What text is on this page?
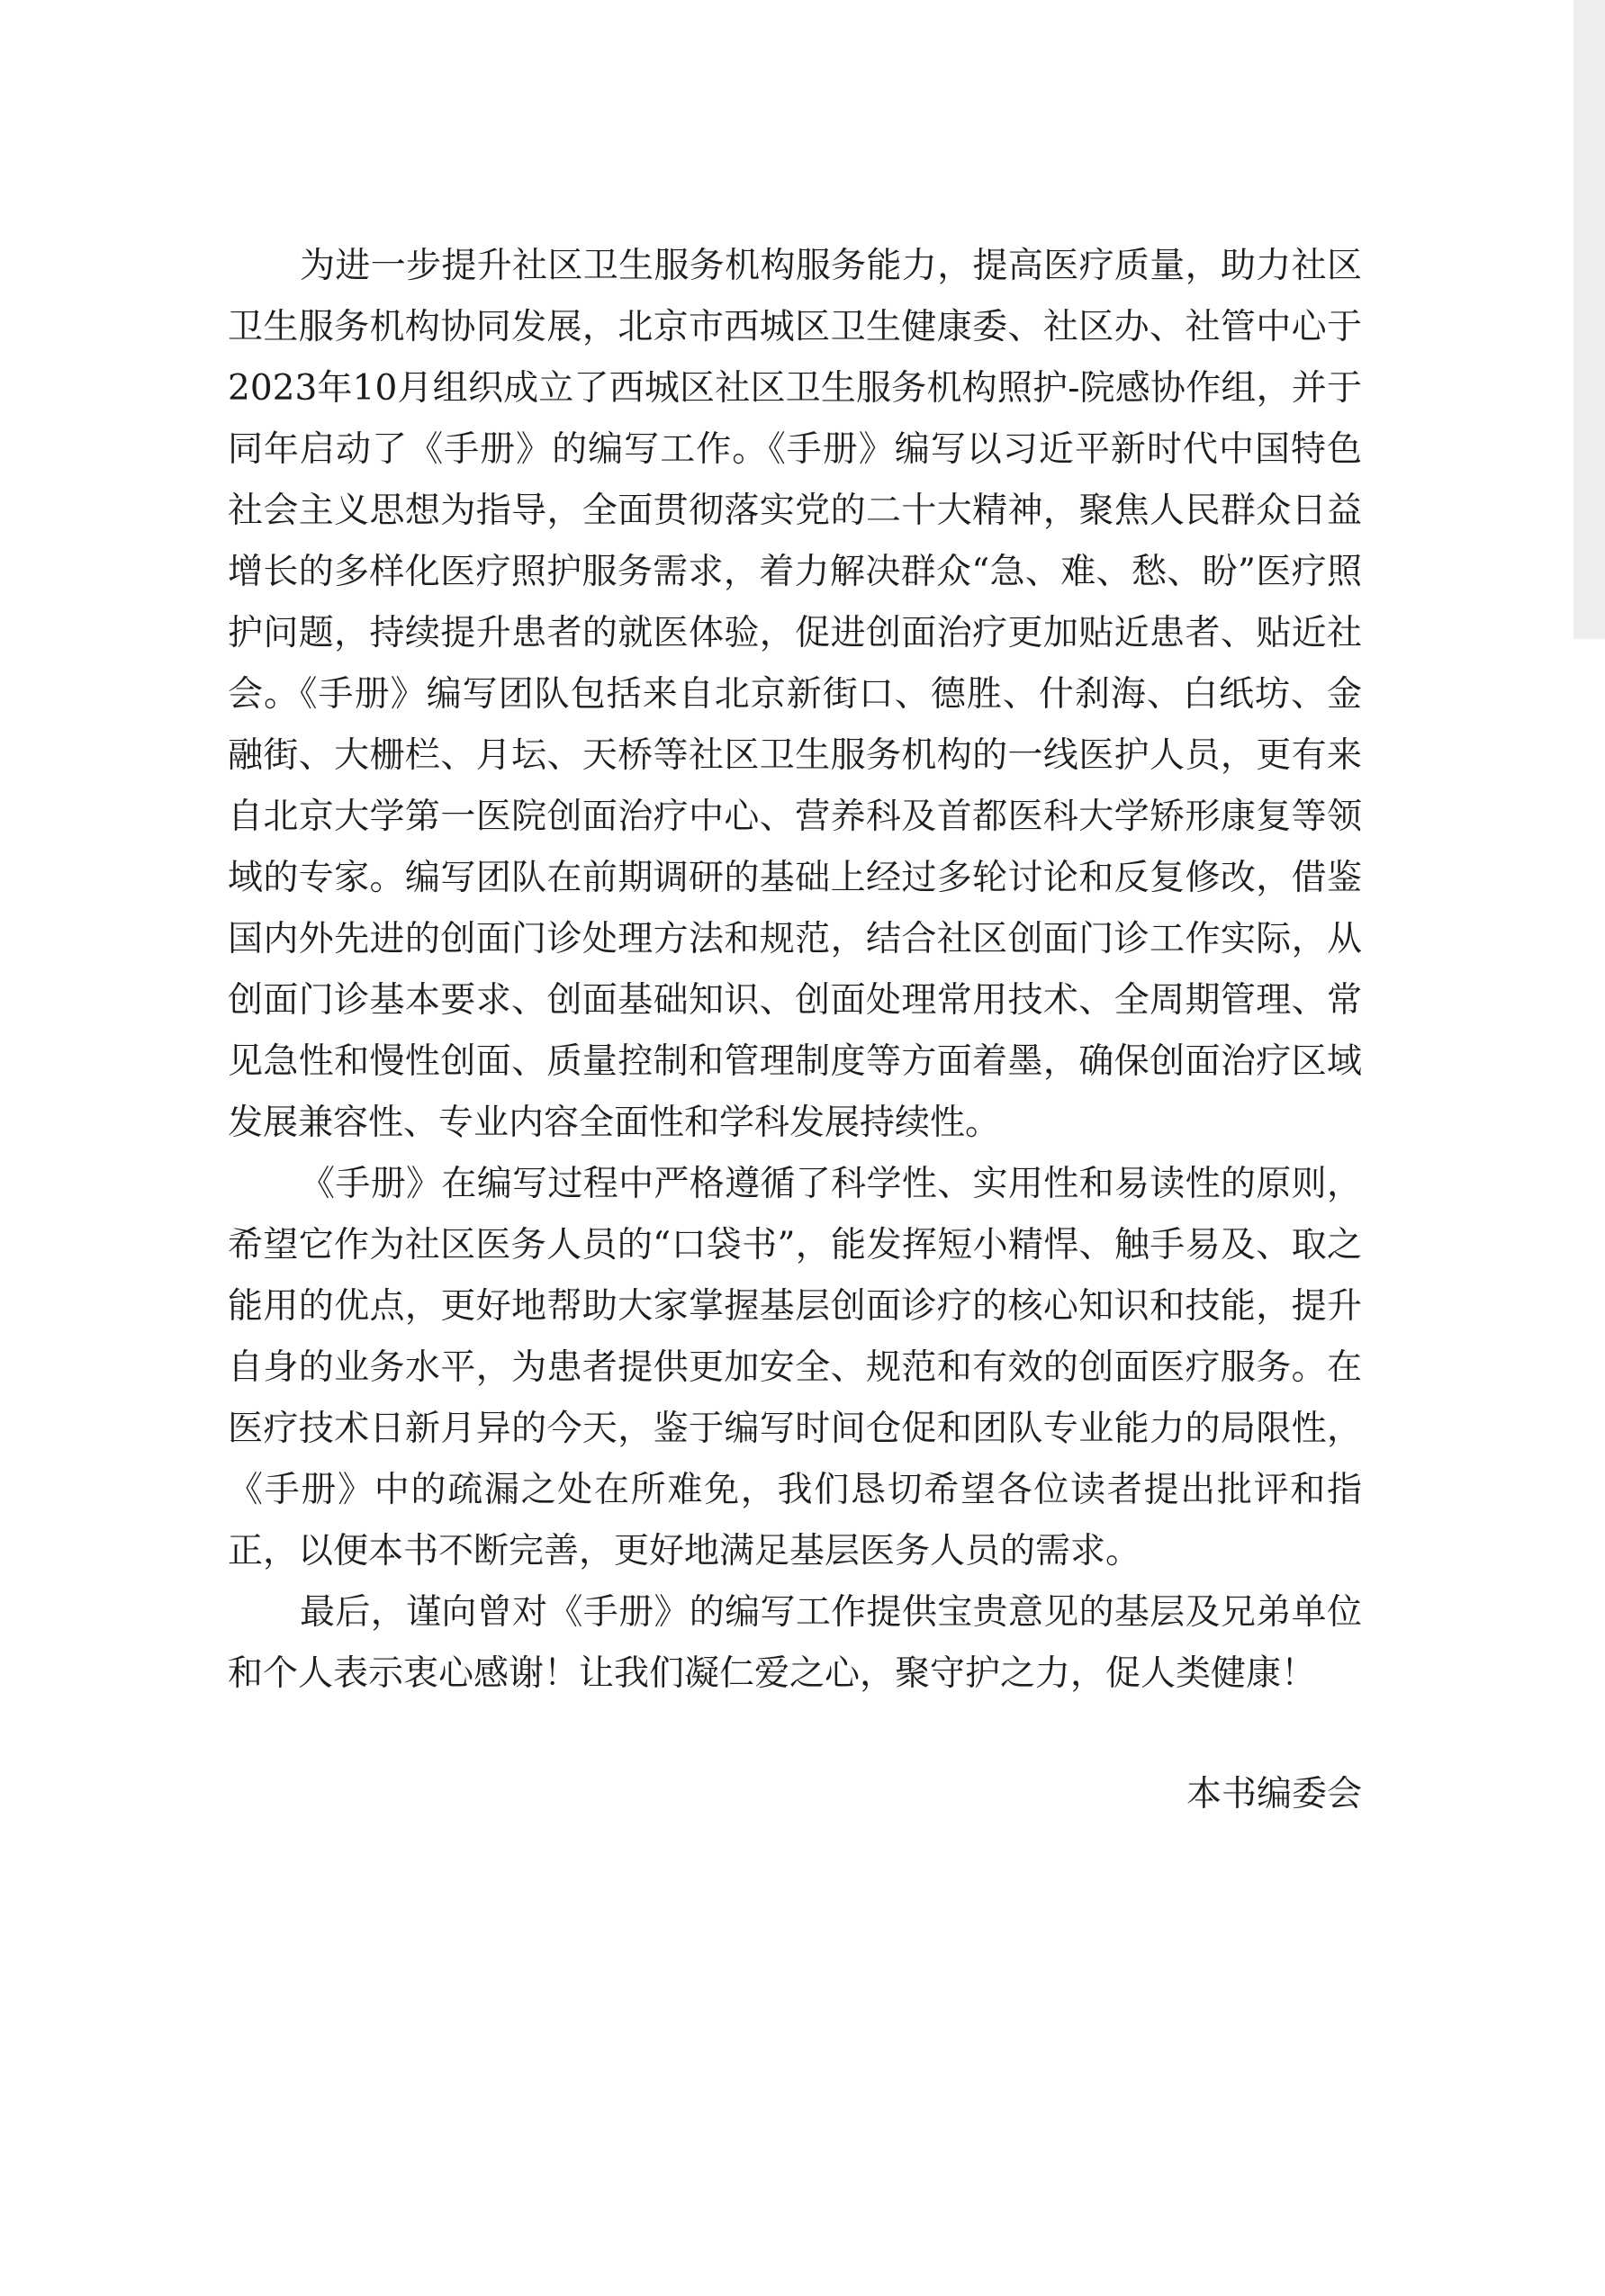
为进一步提升社区卫生服务机构服务能力，提高医疗质量，助力社区卫生服务机构协同发展，北京市西城区卫生健康委、社区办、社管中心于2023年10月组织成立了西城区社区卫生服务机构照护-院感协作组，并于同年启动了《手册》的编写工作。《手册》编写以习近平新时代中国特色社会主义思想为指导，全面贯彻落实党的二十大精神，聚焦人民群众日益增长的多样化医疗照护服务需求，着力解决群众“急、难、愁、盼”医疗照护问题，持续提升患者的就医体验，促进创面治疗更加贴近患者、贴近社会。《手册》编写团队包括来自北京新街口、德胜、什刹海、白纸坊、金融街、大栅栏、月坛、天桥等社区卫生服务机构的一线医护人员，更有来自北京大学第一医院创面治疗中心、营养科及首都医科大学矫形康复等领域的专家。编写团队在前期调研的基础上经过多轮讨论和反复修改，借鉴国内外先进的创面门诊处理方法和规范，结合社区创面门诊工作实际，从创面门诊基本要求、创面基础知识、创面处理常用技术、全周期管理、常见急性和慢性创面、质量控制和管理制度等方面着墨，确保创面治疗区域发展兼容性、专业内容全面性和学科发展持续性。

《手册》在编写过程中严格遵循了科学性、实用性和易读性的原则，希望它作为社区医务人员的“口袋书”，能发挥短小精悍、触手易及、取之能用的优点，更好地帮助大家掌握基层创面诊疗的核心知识和技能，提升自身的业务水平，为患者提供更加安全、规范和有效的创面医疗服务。在医疗技术日新月异的今天，鉴于编写时间仓促和团队专业能力的局限性，《手册》中的疏漏之处在所难免，我们恳切希望各位读者提出批评和指正，以便本书不断完善，更好地满足基层医务人员的需求。

最后，谨向曾对《手册》的编写工作提供宝贵意见的基层及兄弟单位和个人表示衷心感谢！让我们凝仁爱之心，聚守护之力，促人类健康！

本书编委会
